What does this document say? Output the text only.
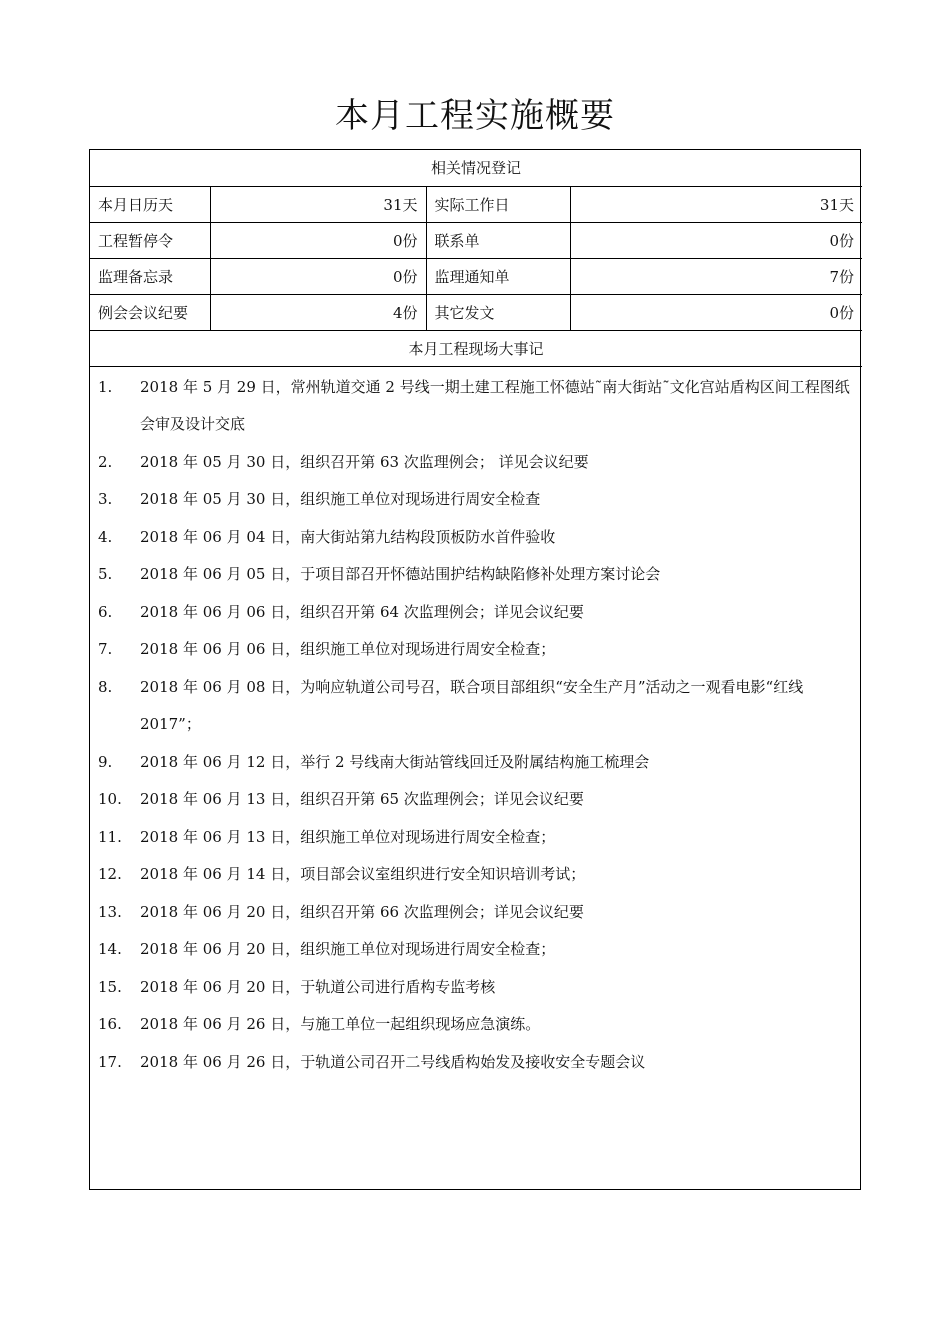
本月工程实施概要
相关情况登记			
本月日历天	31天	实际工作日	31天
工程暂停令	0份	联系单	0份
监理备忘录	0份	监理通知单	7份
例会会议纪要	4份	其它发文	0份
本月工程现场大事记			
1.	2018 年 5 月 29 日，常州轨道交通 2 号线一期土建工程施工怀德站˜南大街站˜文化宫站盾构区间工程图纸会审及设计交底
2.	2018 年 05 月 30 日，组织召开第 63 次监理例会； 详见会议纪要
3.	2018 年 05 月 30 日，组织施工单位对现场进行周安全检查
4.	2018 年 06 月 04 日，南大街站第九结构段顶板防水首件验收
5.	2018 年 06 月 05 日，于项目部召开怀德站围护结构缺陷修补处理方案讨论会
6.	2018 年 06 月 06 日，组织召开第 64 次监理例会；详见会议纪要
7.	2018 年 06 月 06 日，组织施工单位对现场进行周安全检查；
8.	2018 年 06 月 08 日，为响应轨道公司号召，联合项目部组织“安全生产月”活动之一观看电影“红线 2017”；
9.	2018 年 06 月 12 日，举行 2 号线南大街站管线回迁及附属结构施工梳理会
10.	2018 年 06 月 13 日，组织召开第 65 次监理例会；详见会议纪要
11.	2018 年 06 月 13 日，组织施工单位对现场进行周安全检查；
12.	2018 年 06 月 14 日，项目部会议室组织进行安全知识培训考试；
13.	2018 年 06 月 20 日，组织召开第 66 次监理例会；详见会议纪要
14.	2018 年 06 月 20 日，组织施工单位对现场进行周安全检查；
15.	2018 年 06 月 20 日，于轨道公司进行盾构专监考核
16.	2018 年 06 月 26 日，与施工单位一起组织现场应急演练。
17.	2018 年 06 月 26 日，于轨道公司召开二号线盾构始发及接收安全专题会议
